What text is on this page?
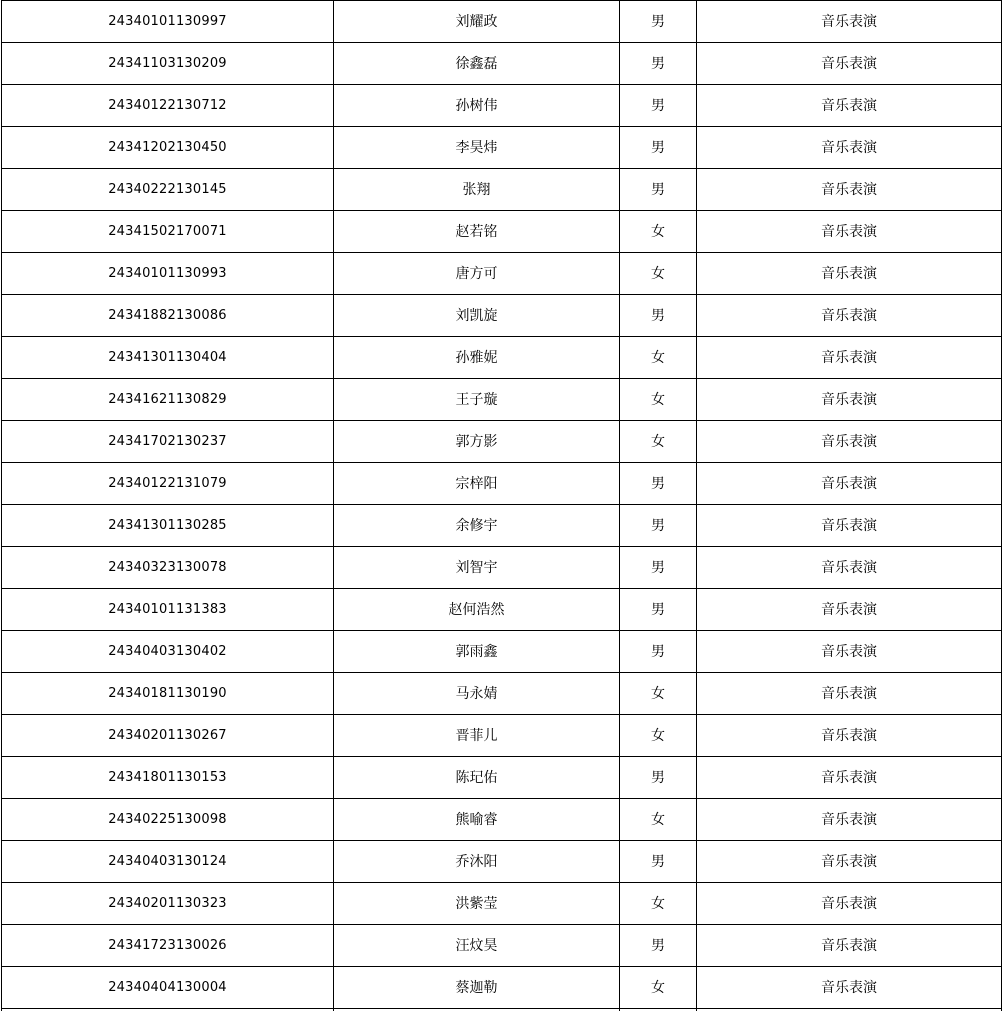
24340101130997	刘耀政	男	音乐表演
24341103130209	徐鑫磊	男	音乐表演
24340122130712	孙树伟	男	音乐表演
24341202130450	李昊炜	男	音乐表演
24340222130145	张翔	男	音乐表演
24341502170071	赵若铭	女	音乐表演
24340101130993	唐方可	女	音乐表演
24341882130086	刘凯旋	男	音乐表演
24341301130404	孙雅妮	女	音乐表演
24341621130829	王子璇	女	音乐表演
24341702130237	郭方影	女	音乐表演
24340122131079	宗梓阳	男	音乐表演
24341301130285	余修宇	男	音乐表演
24340323130078	刘智宇	男	音乐表演
24340101131383	赵何浩然	男	音乐表演
24340403130402	郭雨鑫	男	音乐表演
24340181130190	马永婧	女	音乐表演
24340201130267	晋菲儿	女	音乐表演
24341801130153	陈玘佑	男	音乐表演
24340225130098	熊喻睿	女	音乐表演
24340403130124	乔沐阳	男	音乐表演
24340201130323	洪紫莹	女	音乐表演
24341723130026	汪炆昊	男	音乐表演
24340404130004	蔡迦勒	女	音乐表演
